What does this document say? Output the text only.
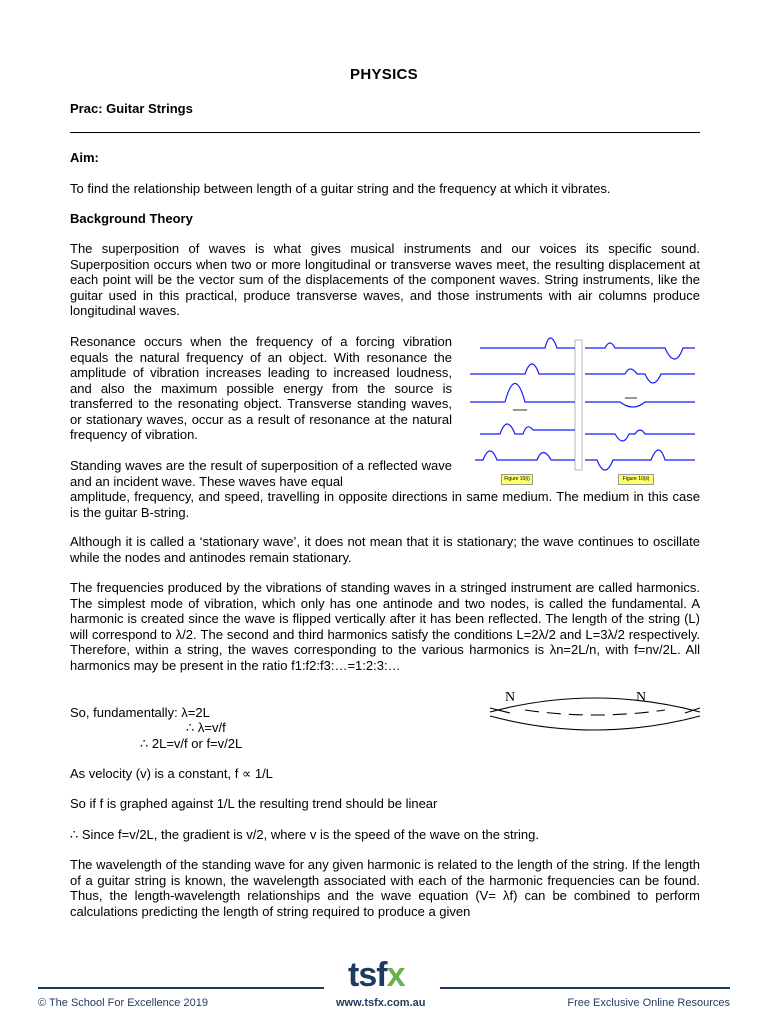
PHYSICS
Prac: Guitar Strings
Aim:
To find the relationship between length of a guitar string and the frequency at which it vibrates.
Background Theory
The superposition of waves is what gives musical instruments and our voices its specific sound. Superposition occurs when two or more longitudinal or transverse waves meet, the resulting displacement at each point will be the vector sum of the displacements of the component waves. String instruments, like the guitar used in this practical, produce transverse waves, and those instruments with air columns produce longitudinal waves.
Resonance occurs when the frequency of a forcing vibration equals the natural frequency of an object. With resonance the amplitude of vibration increases leading to increased loudness, and also the maximum possible energy from the source is transferred to the resonating object. Transverse standing waves, or stationary waves, occur as a result of resonance at the natural frequency of vibration.
Standing waves are the result of superposition of a reflected wave and an incident wave. These waves have equal
amplitude, frequency, and speed, travelling in opposite directions in same medium. The medium in this case is the guitar B-string.
Although it is called a ‘stationary wave’, it does not mean that it is stationary; the wave continues to oscillate while the nodes and antinodes remain stationary.
The frequencies produced by the vibrations of standing waves in a stringed instrument are called harmonics. The simplest mode of vibration, which only has one antinode and two nodes, is called the fundamental. A harmonic is created since the wave is flipped vertically after it has been reflected. The length of the string (L) will correspond to λ/2. The second and third harmonics satisfy the conditions L=2λ/2 and L=3λ/2 respectively. Therefore, within a string, the waves corresponding to the various harmonics is λn=2L/n, with f=nv/2L. All harmonics may be present in the ratio f1:f2:f3:…=1:2:3:…
So, fundamentally: λ=2L
∴ λ=v/f
∴ 2L=v/f or f=v/2L
As velocity (v) is a constant, f ∝ 1/L
So if f is graphed against 1/L the resulting trend should be linear
∴ Since f=v/2L, the gradient is v/2, where v is the speed of the wave on the string.
The wavelength of the standing wave for any given harmonic is related to the length of the string. If the length of a guitar string is known, the wavelength associated with each of the harmonic frequencies can be found. Thus, the length-wavelength relationships and the wave equation (V= λf) can be combined to perform calculations predicting the length of string required to produce a given
Figure 10(i)	Figure 10(ii)
N	N
tsfx
© The School For Excellence 2019	www.tsfx.com.au	Free Exclusive Online Resources
